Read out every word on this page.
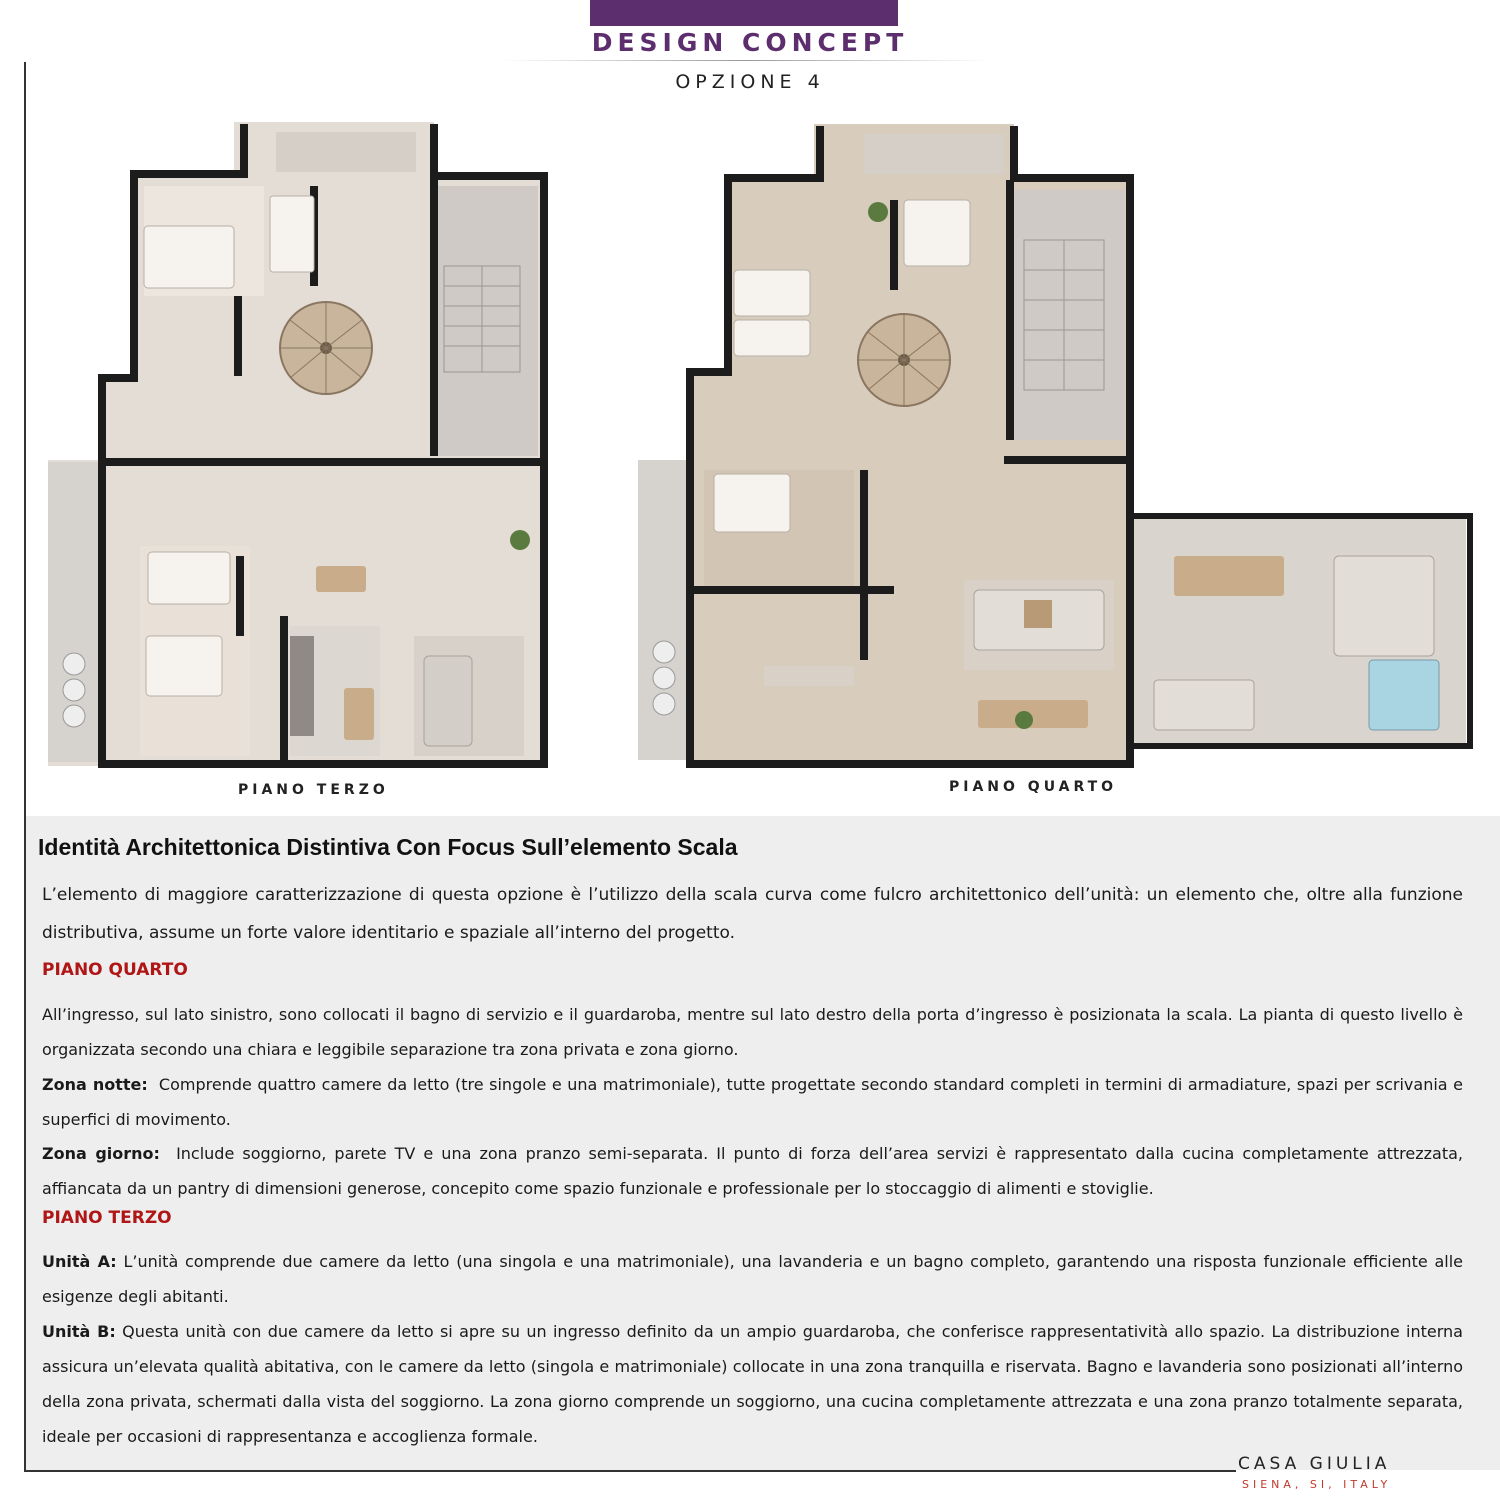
DESIGN CONCEPT
OPZIONE 4
PIANO TERZO	PIANO QUARTO
Identità Architettonica Distintiva Con Focus Sull’elemento Scala
L’elemento di maggiore caratterizzazione di questa opzione è l’utilizzo della scala curva come fulcro architettonico dell’unità: un elemento che, oltre alla funzione distributiva, assume un forte valore identitario e spaziale all’interno del progetto.
PIANO QUARTO
All’ingresso, sul lato sinistro, sono collocati il bagno di servizio e il guardaroba, mentre sul lato destro della porta d’ingresso è posizionata la scala. La pianta di questo livello è organizzata secondo una chiara e leggibile separazione tra zona privata e zona giorno.
Zona notte: Comprende quattro camere da letto (tre singole e una matrimoniale), tutte progettate secondo standard completi in termini di armadiature, spazi per scrivania e superfici di movimento.
Zona giorno: Include soggiorno, parete TV e una zona pranzo semi-separata. Il punto di forza dell’area servizi è rappresentato dalla cucina completamente attrezzata, affiancata da un pantry di dimensioni generose, concepito come spazio funzionale e professionale per lo stoccaggio di alimenti e stoviglie.
PIANO TERZO
Unità A: L’unità comprende due camere da letto (una singola e una matrimoniale), una lavanderia e un bagno completo, garantendo una risposta funzionale efficiente alle esigenze degli abitanti.
Unità B: Questa unità con due camere da letto si apre su un ingresso definito da un ampio guardaroba, che conferisce rappresentatività allo spazio. La distribuzione interna assicura un’elevata qualità abitativa, con le camere da letto (singola e matrimoniale) collocate in una zona tranquilla e riservata. Bagno e lavanderia sono posizionati all’interno della zona privata, schermati dalla vista del soggiorno. La zona giorno comprende un soggiorno, una cucina completamente attrezzata e una zona pranzo totalmente separata, ideale per occasioni di rappresentanza e accoglienza formale.
CASA GIULIA
SIENA, SI, ITALY
